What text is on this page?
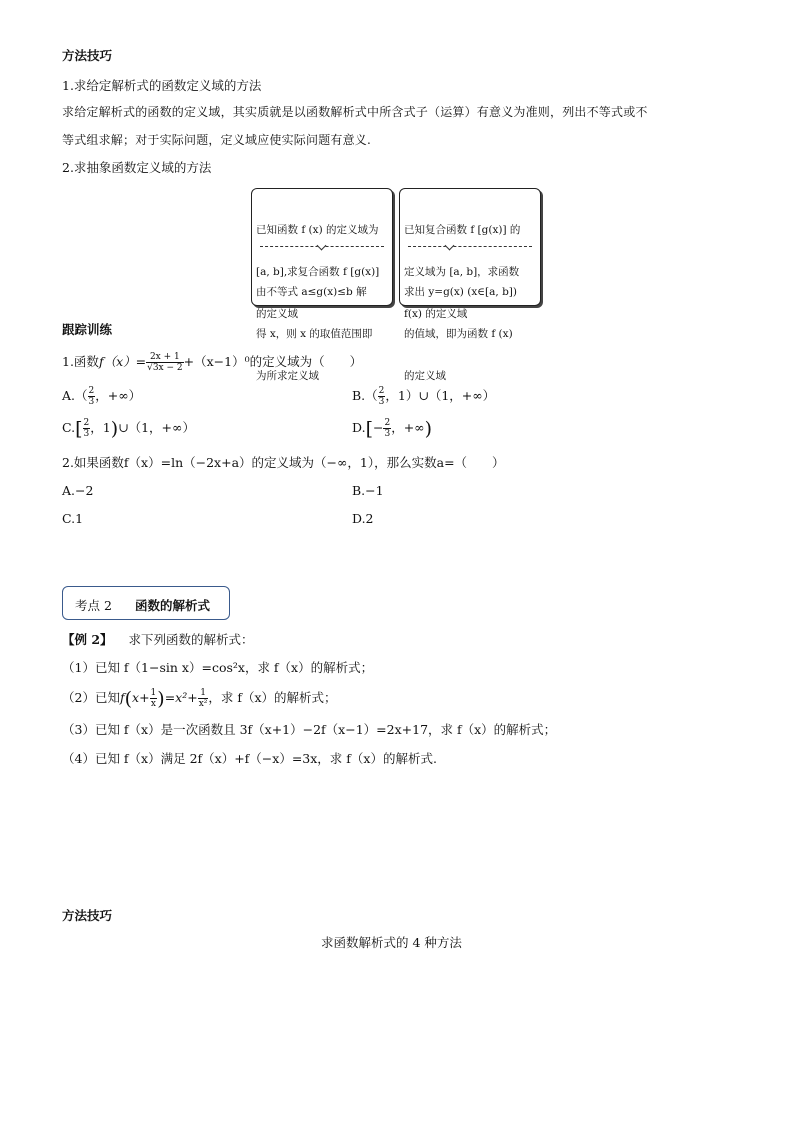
方法技巧
1.求给定解析式的函数定义域的方法
求给定解析式的函数的定义域，其实质就是以函数解析式中所含式子（运算）有意义为准则，列出不等式或不
等式组求解；对于实际问题，定义域应使实际问题有意义.
2.求抽象函数定义域的方法

已知函数 f (x) 的定义域为

[a, b],求复合函数 f [g(x)]

的定义域

由不等式 a≤g(x)≤b 解

得 x，则 x 的取值范围即

为所求定义域

已知复合函数 f [g(x)] 的

定义域为 [a, b]，求函数

f(x) 的定义域

求出 y=g(x) (x∈[a, b])

的值域，即为函数 f (x)

的定义域

跟踪训练
1.函数$f(x)= \frac{2x + 1}{√3x - 2} +(x-1)^0$的定义域为（　　）
$A.( \frac{2}{3}$ ，+∞）	$B.( \frac{2}{3}$ ，1）∪（1，+∞）
$C.[ \frac{2}{3}$ ，1)∪（1，+∞）	$D.[- \frac{2}{3}$ ，+∞)
2.如果函数f（x）=ln（−2x+a）的定义域为（−∞，1），那么实数a=（　　）
A.−2	B.−1
C.1	D.2
考点 2 函数的解析式
【例 2】 求下列函数的解析式：
（1）已知 f（1−sin x）=cos²x，求 f（x）的解析式；
（2）已知$f(x+ \frac{1}{x} )=x^2+ \frac{1}{\text{x²}}$ ，求 f（x）的解析式；
（3）已知 f（x）是一次函数且 3f（x+1）−2f（x−1）=2x+17，求 f（x）的解析式；
（4）已知 f（x）满足 2f（x）+f（−x）=3x，求 f（x）的解析式.
方法技巧
求函数解析式的 4 种方法
